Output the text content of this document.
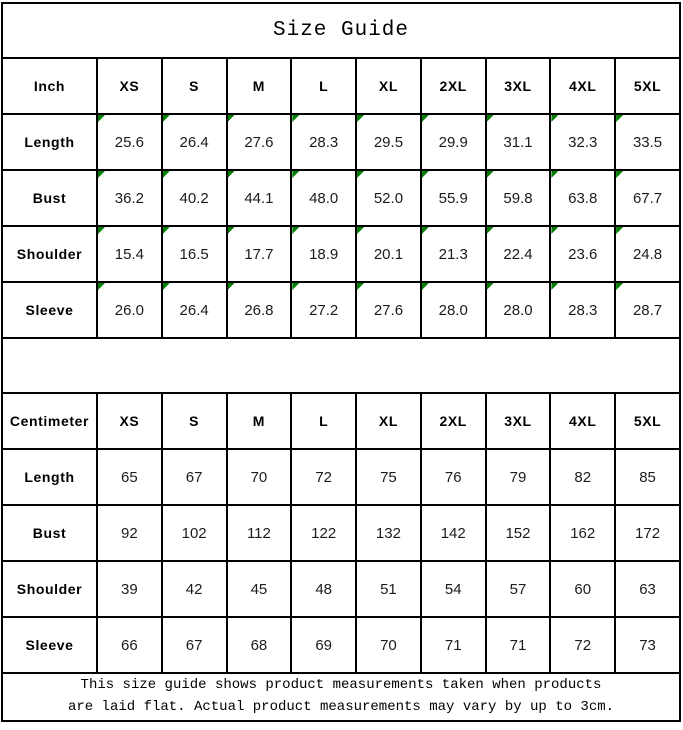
Size Guide									
Inch	XS	S	M	L	XL	2XL	3XL	4XL	5XL
Length	25.6	26.4	27.6	28.3	29.5	29.9	31.1	32.3	33.5
Bust	36.2	40.2	44.1	48.0	52.0	55.9	59.8	63.8	67.7
Shoulder	15.4	16.5	17.7	18.9	20.1	21.3	22.4	23.6	24.8
Sleeve	26.0	26.4	26.8	27.2	27.6	28.0	28.0	28.3	28.7

Centimeter	XS	S	M	L	XL	2XL	3XL	4XL	5XL
Length	65	67	70	72	75	76	79	82	85
Bust	92	102	112	122	132	142	152	162	172
Shoulder	39	42	45	48	51	54	57	60	63
Sleeve	66	67	68	69	70	71	71	72	73

This size guide shows product measurements taken when products
are laid flat. Actual product measurements may vary by up to 3cm.									
